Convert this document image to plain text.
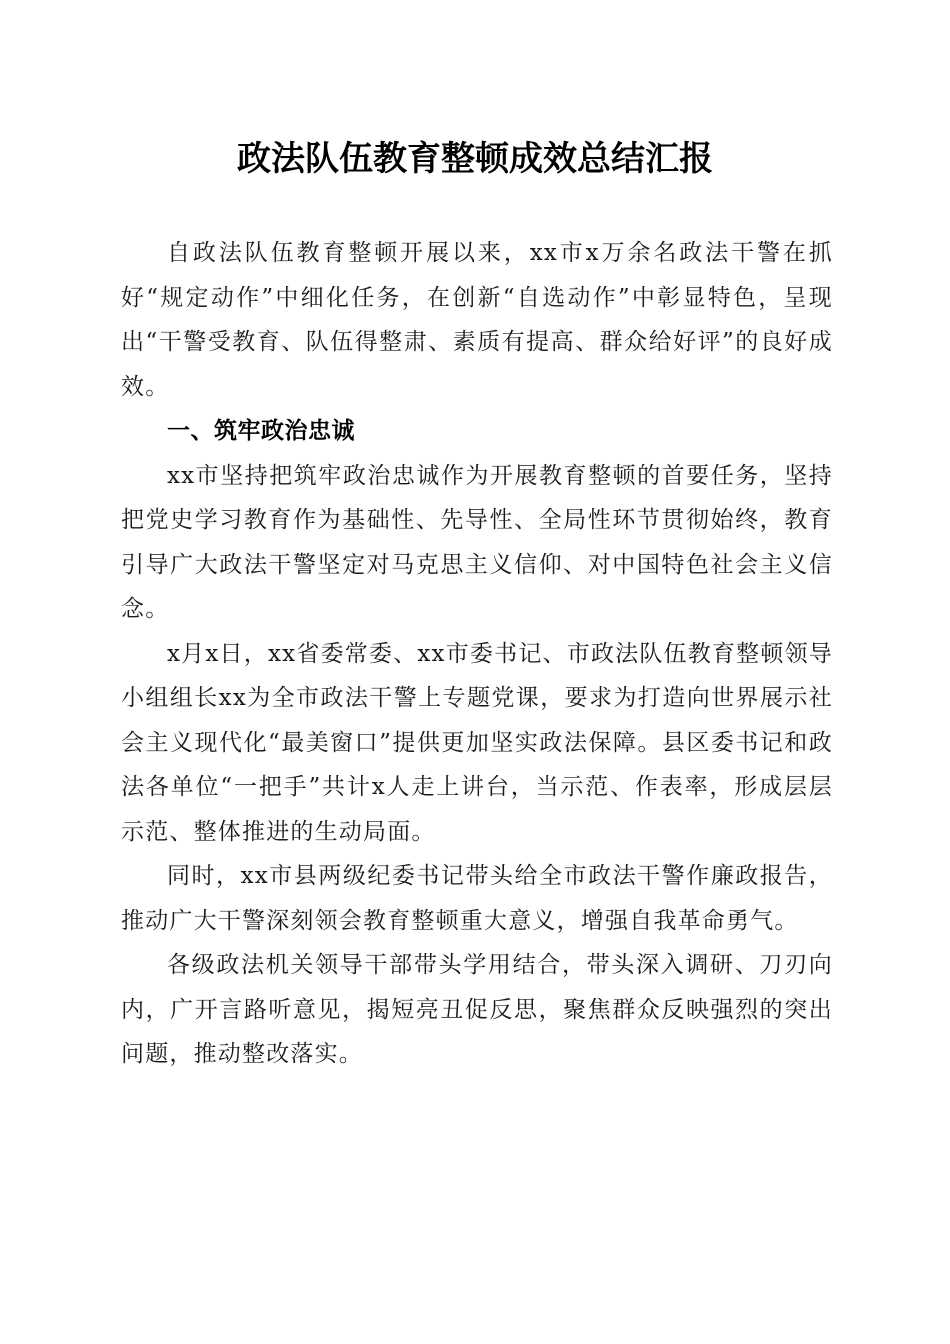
政法队伍教育整顿成效总结汇报

自政法队伍教育整顿开展以来，xx市x万余名政法干警在抓好“规定动作”中细化任务，在创新“自选动作”中彰显特色，呈现出“干警受教育、队伍得整肃、素质有提高、群众给好评”的良好成效。

一、筑牢政治忠诚

xx市坚持把筑牢政治忠诚作为开展教育整顿的首要任务，坚持把党史学习教育作为基础性、先导性、全局性环节贯彻始终，教育引导广大政法干警坚定对马克思主义信仰、对中国特色社会主义信念。

x月x日，xx省委常委、xx市委书记、市政法队伍教育整顿领导小组组长xx为全市政法干警上专题党课，要求为打造向世界展示社会主义现代化“最美窗口”提供更加坚实政法保障。县区委书记和政法各单位“一把手”共计x人走上讲台，当示范、作表率，形成层层示范、整体推进的生动局面。

同时，xx市县两级纪委书记带头给全市政法干警作廉政报告，推动广大干警深刻领会教育整顿重大意义，增强自我革命勇气。

各级政法机关领导干部带头学用结合，带头深入调研、刀刃向内，广开言路听意见，揭短亮丑促反思，聚焦群众反映强烈的突出问题，推动整改落实。
